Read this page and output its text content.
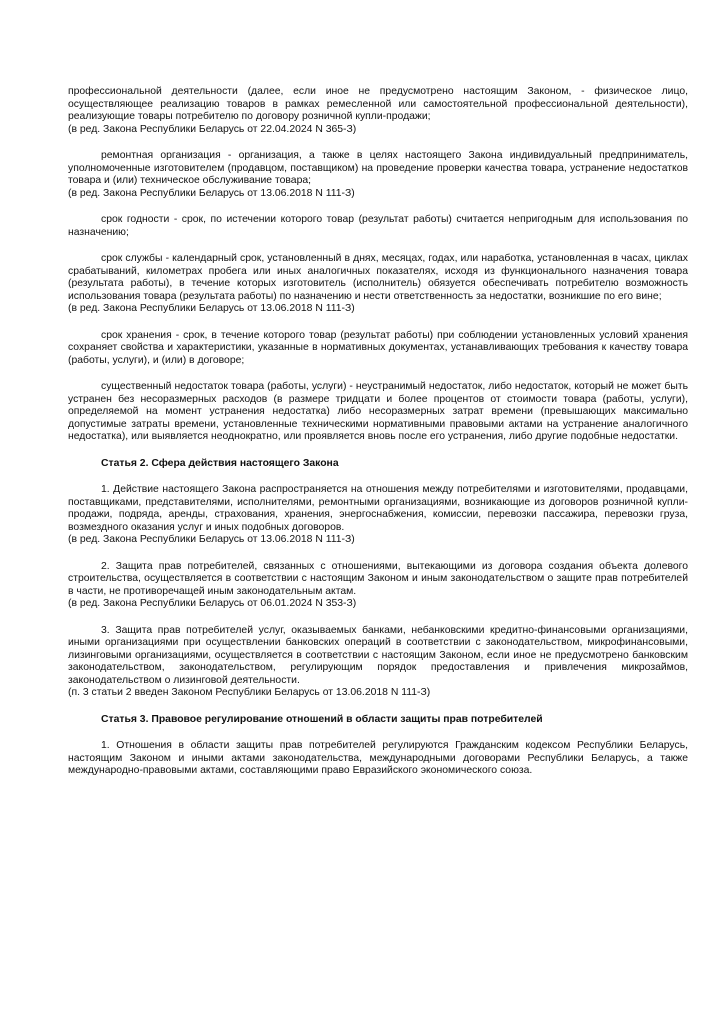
профессиональной деятельности (далее, если иное не предусмотрено настоящим Законом, - физическое лицо, осуществляющее реализацию товаров в рамках ремесленной или самостоятельной профессиональной деятельности), реализующие товары потребителю по договору розничной купли-продажи;

(в ред. Закона Республики Беларусь от 22.04.2024 N 365-З)

ремонтная организация - организация, а также в целях настоящего Закона индивидуальный предприниматель, уполномоченные изготовителем (продавцом, поставщиком) на проведение проверки качества товара, устранение недостатков товара и (или) техническое обслуживание товара;

(в ред. Закона Республики Беларусь от 13.06.2018 N 111-З)

срок годности - срок, по истечении которого товар (результат работы) считается непригодным для использования по назначению;

срок службы - календарный срок, установленный в днях, месяцах, годах, или наработка, установленная в часах, циклах срабатываний, километрах пробега или иных аналогичных показателях, исходя из функционального назначения товара (результата работы), в течение которых изготовитель (исполнитель) обязуется обеспечивать потребителю возможность использования товара (результата работы) по назначению и нести ответственность за недостатки, возникшие по его вине;

(в ред. Закона Республики Беларусь от 13.06.2018 N 111-З)

срок хранения - срок, в течение которого товар (результат работы) при соблюдении установленных условий хранения сохраняет свойства и характеристики, указанные в нормативных документах, устанавливающих требования к качеству товара (работы, услуги), и (или) в договоре;

существенный недостаток товара (работы, услуги) - неустранимый недостаток, либо недостаток, который не может быть устранен без несоразмерных расходов (в размере тридцати и более процентов от стоимости товара (работы, услуги), определяемой на момент устранения недостатка) либо несоразмерных затрат времени (превышающих максимально допустимые затраты времени, установленные техническими нормативными правовыми актами на устранение аналогичного недостатка), или выявляется неоднократно, или проявляется вновь после его устранения, либо другие подобные недостатки.

Статья 2. Сфера действия настоящего Закона

1. Действие настоящего Закона распространяется на отношения между потребителями и изготовителями, продавцами, поставщиками, представителями, исполнителями, ремонтными организациями, возникающие из договоров розничной купли-продажи, подряда, аренды, страхования, хранения, энергоснабжения, комиссии, перевозки пассажира, перевозки груза, возмездного оказания услуг и иных подобных договоров.

(в ред. Закона Республики Беларусь от 13.06.2018 N 111-З)

2. Защита прав потребителей, связанных с отношениями, вытекающими из договора создания объекта долевого строительства, осуществляется в соответствии с настоящим Законом и иным законодательством о защите прав потребителей в части, не противоречащей иным законодательным актам.

(в ред. Закона Республики Беларусь от 06.01.2024 N 353-З)

3. Защита прав потребителей услуг, оказываемых банками, небанковскими кредитно-финансовыми организациями, иными организациями при осуществлении банковских операций в соответствии с законодательством, микрофинансовыми, лизинговыми организациями, осуществляется в соответствии с настоящим Законом, если иное не предусмотрено банковским законодательством, законодательством, регулирующим порядок предоставления и привлечения микрозаймов, законодательством о лизинговой деятельности.

(п. 3 статьи 2 введен Законом Республики Беларусь от 13.06.2018 N 111-З)

Статья 3. Правовое регулирование отношений в области защиты прав потребителей

1. Отношения в области защиты прав потребителей регулируются Гражданским кодексом Республики Беларусь, настоящим Законом и иными актами законодательства, международными договорами Республики Беларусь, а также международно-правовыми актами, составляющими право Евразийского экономического союза.
